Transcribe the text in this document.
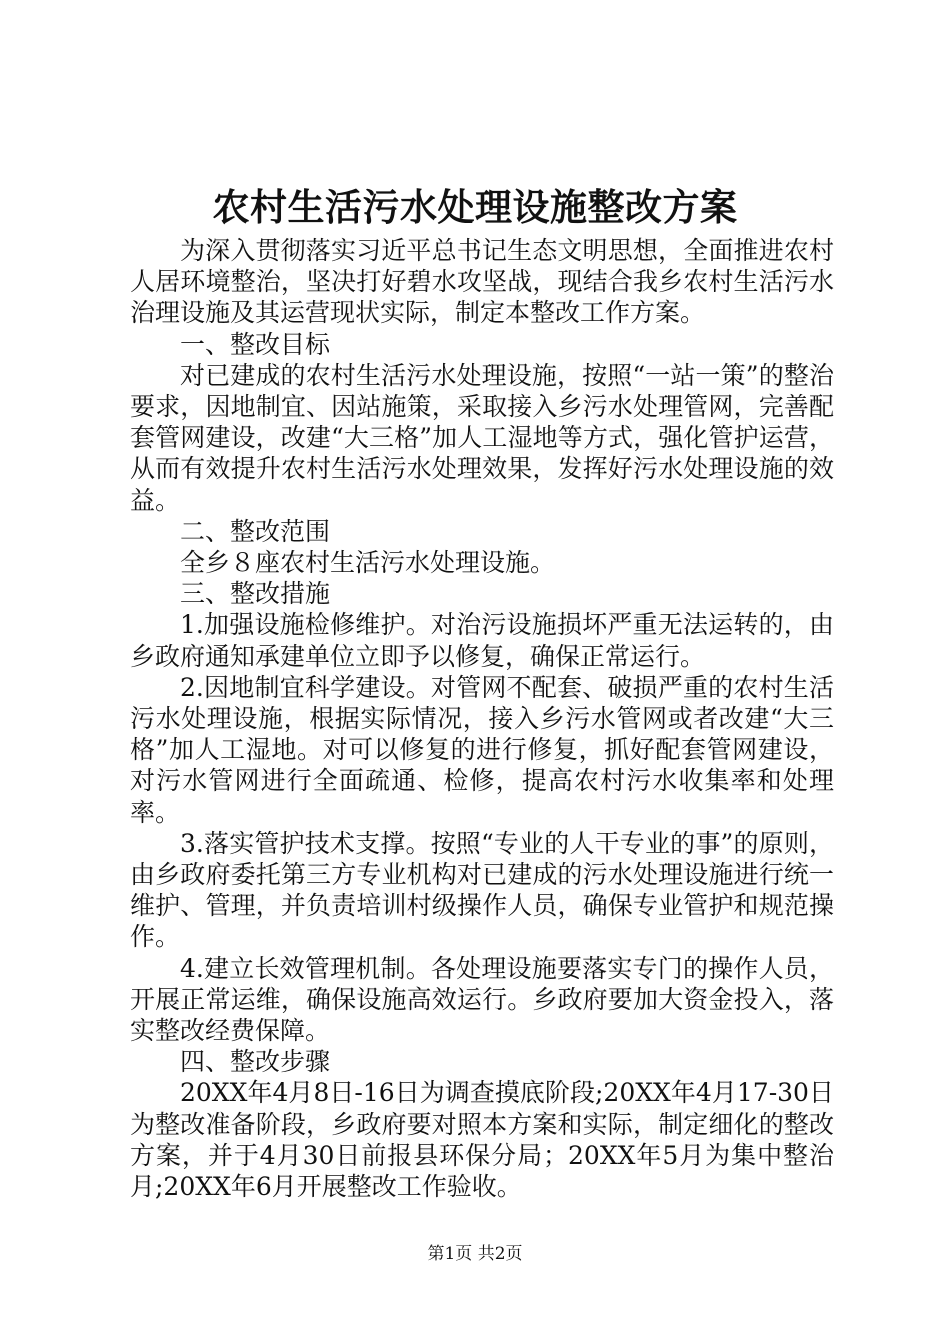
农村生活污水处理设施整改方案

为深入贯彻落实习近平总书记生态文明思想，全面推进农村人居环境整治，坚决打好碧水攻坚战，现结合我乡农村生活污水治理设施及其运营现状实际，制定本整改工作方案。

一、整改目标

对已建成的农村生活污水处理设施，按照“一站一策”的整治要求，因地制宜、因站施策，采取接入乡污水处理管网，完善配套管网建设，改建“大三格”加人工湿地等方式，强化管护运营，从而有效提升农村生活污水处理效果，发挥好污水处理设施的效益。

二、整改范围

全乡８座农村生活污水处理设施。

三、整改措施

1.加强设施检修维护。对治污设施损坏严重无法运转的，由乡政府通知承建单位立即予以修复，确保正常运行。

2.因地制宜科学建设。对管网不配套、破损严重的农村生活污水处理设施，根据实际情况，接入乡污水管网或者改建“大三格”加人工湿地。对可以修复的进行修复，抓好配套管网建设，对污水管网进行全面疏通、检修，提高农村污水收集率和处理率。

3.落实管护技术支撑。按照“专业的人干专业的事”的原则，由乡政府委托第三方专业机构对已建成的污水处理设施进行统一维护、管理，并负责培训村级操作人员，确保专业管护和规范操作。

4.建立长效管理机制。各处理设施要落实专门的操作人员，开展正常运维，确保设施高效运行。乡政府要加大资金投入，落实整改经费保障。

四、整改步骤

20XX年4月8日-16日为调查摸底阶段;20XX年4月17-30日为整改准备阶段，乡政府要对照本方案和实际，制定细化的整改方案，并于4月30日前报县环保分局；20XX年5月为集中整治月;20XX年6月开展整改工作验收。

第1页 共2页
